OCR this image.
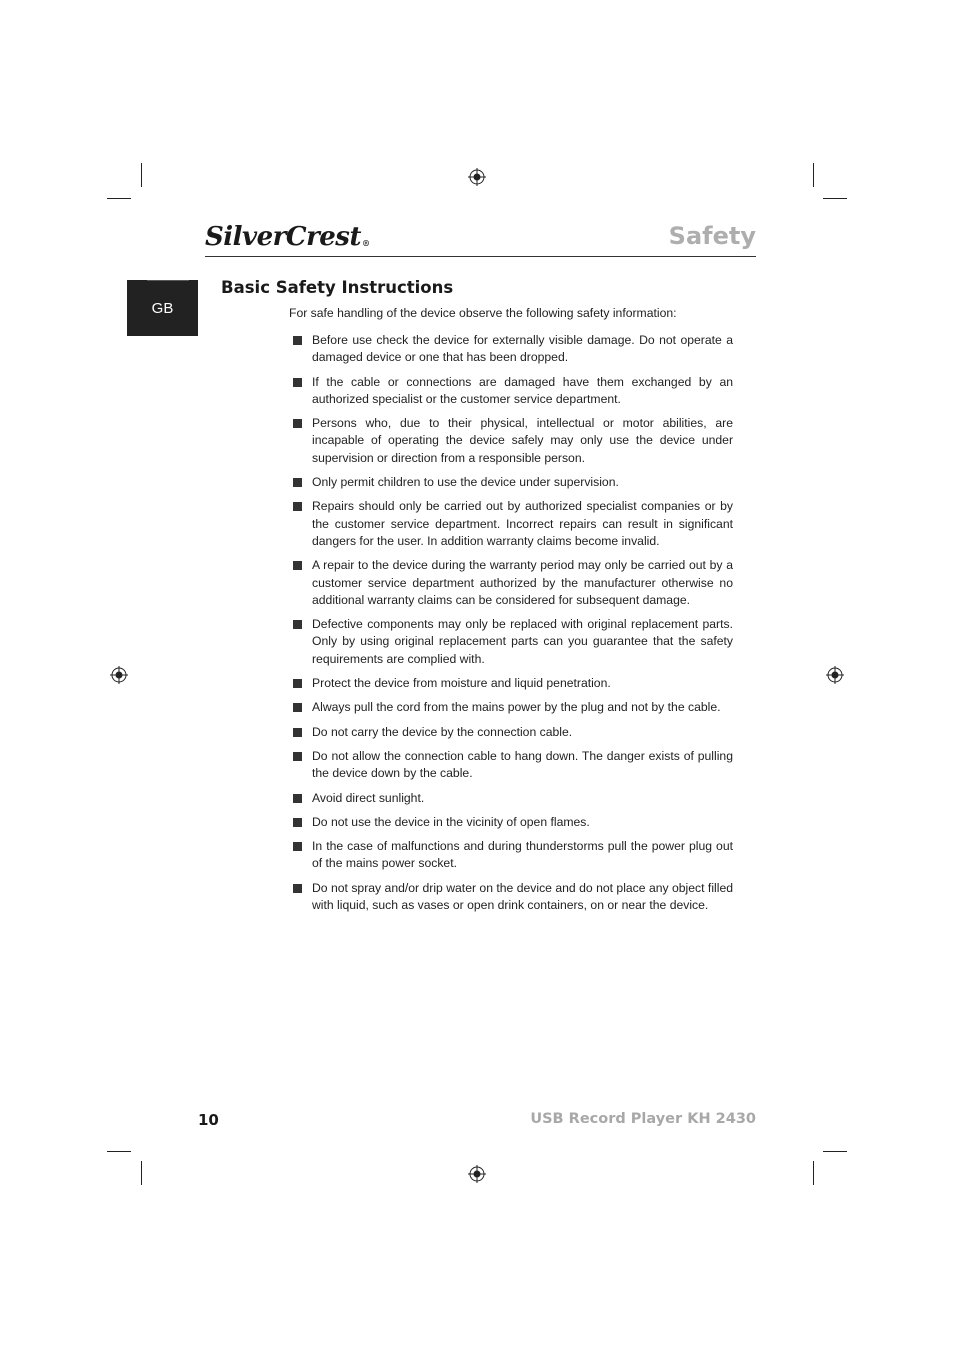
SilverCrest®	Safety
GB
Basic Safety Instructions
For safe handling of the device observe the following safety information:
Before use check the device for externally visible damage. Do not operate a damaged device or one that has been dropped.
If the cable or connections are damaged have them exchanged by an authorized specialist or the customer service department.
Persons who, due to their physical, intellectual or motor abilities, are incapable of operating the device safely may only use the device under supervision or direction from a responsible person.
Only permit children to use the device under supervision.
Repairs should only be carried out by authorized specialist companies or by the customer service department. Incorrect repairs can result in significant dangers for the user. In addition warranty claims become invalid.
A repair to the device during the warranty period may only be carried out by a customer service department authorized by the manufacturer otherwise no additional warranty claims can be considered for subsequent damage.
Defective components may only be replaced with original replacement parts. Only by using original replacement parts can you guarantee that the safety requirements are complied with.
Protect the device from moisture and liquid penetration.
Always pull the cord from the mains power by the plug and not by the cable.
Do not carry the device by the connection cable.
Do not allow the connection cable to hang down. The danger exists of pulling the device down by the cable.
Avoid direct sunlight.
Do not use the device in the vicinity of open flames.
In the case of malfunctions and during thunderstorms pull the power plug out of the mains power socket.
Do not spray and/or drip water on the device and do not place any object filled with liquid, such as vases or open drink containers, on or near the device.
10	USB Record Player KH 2430
